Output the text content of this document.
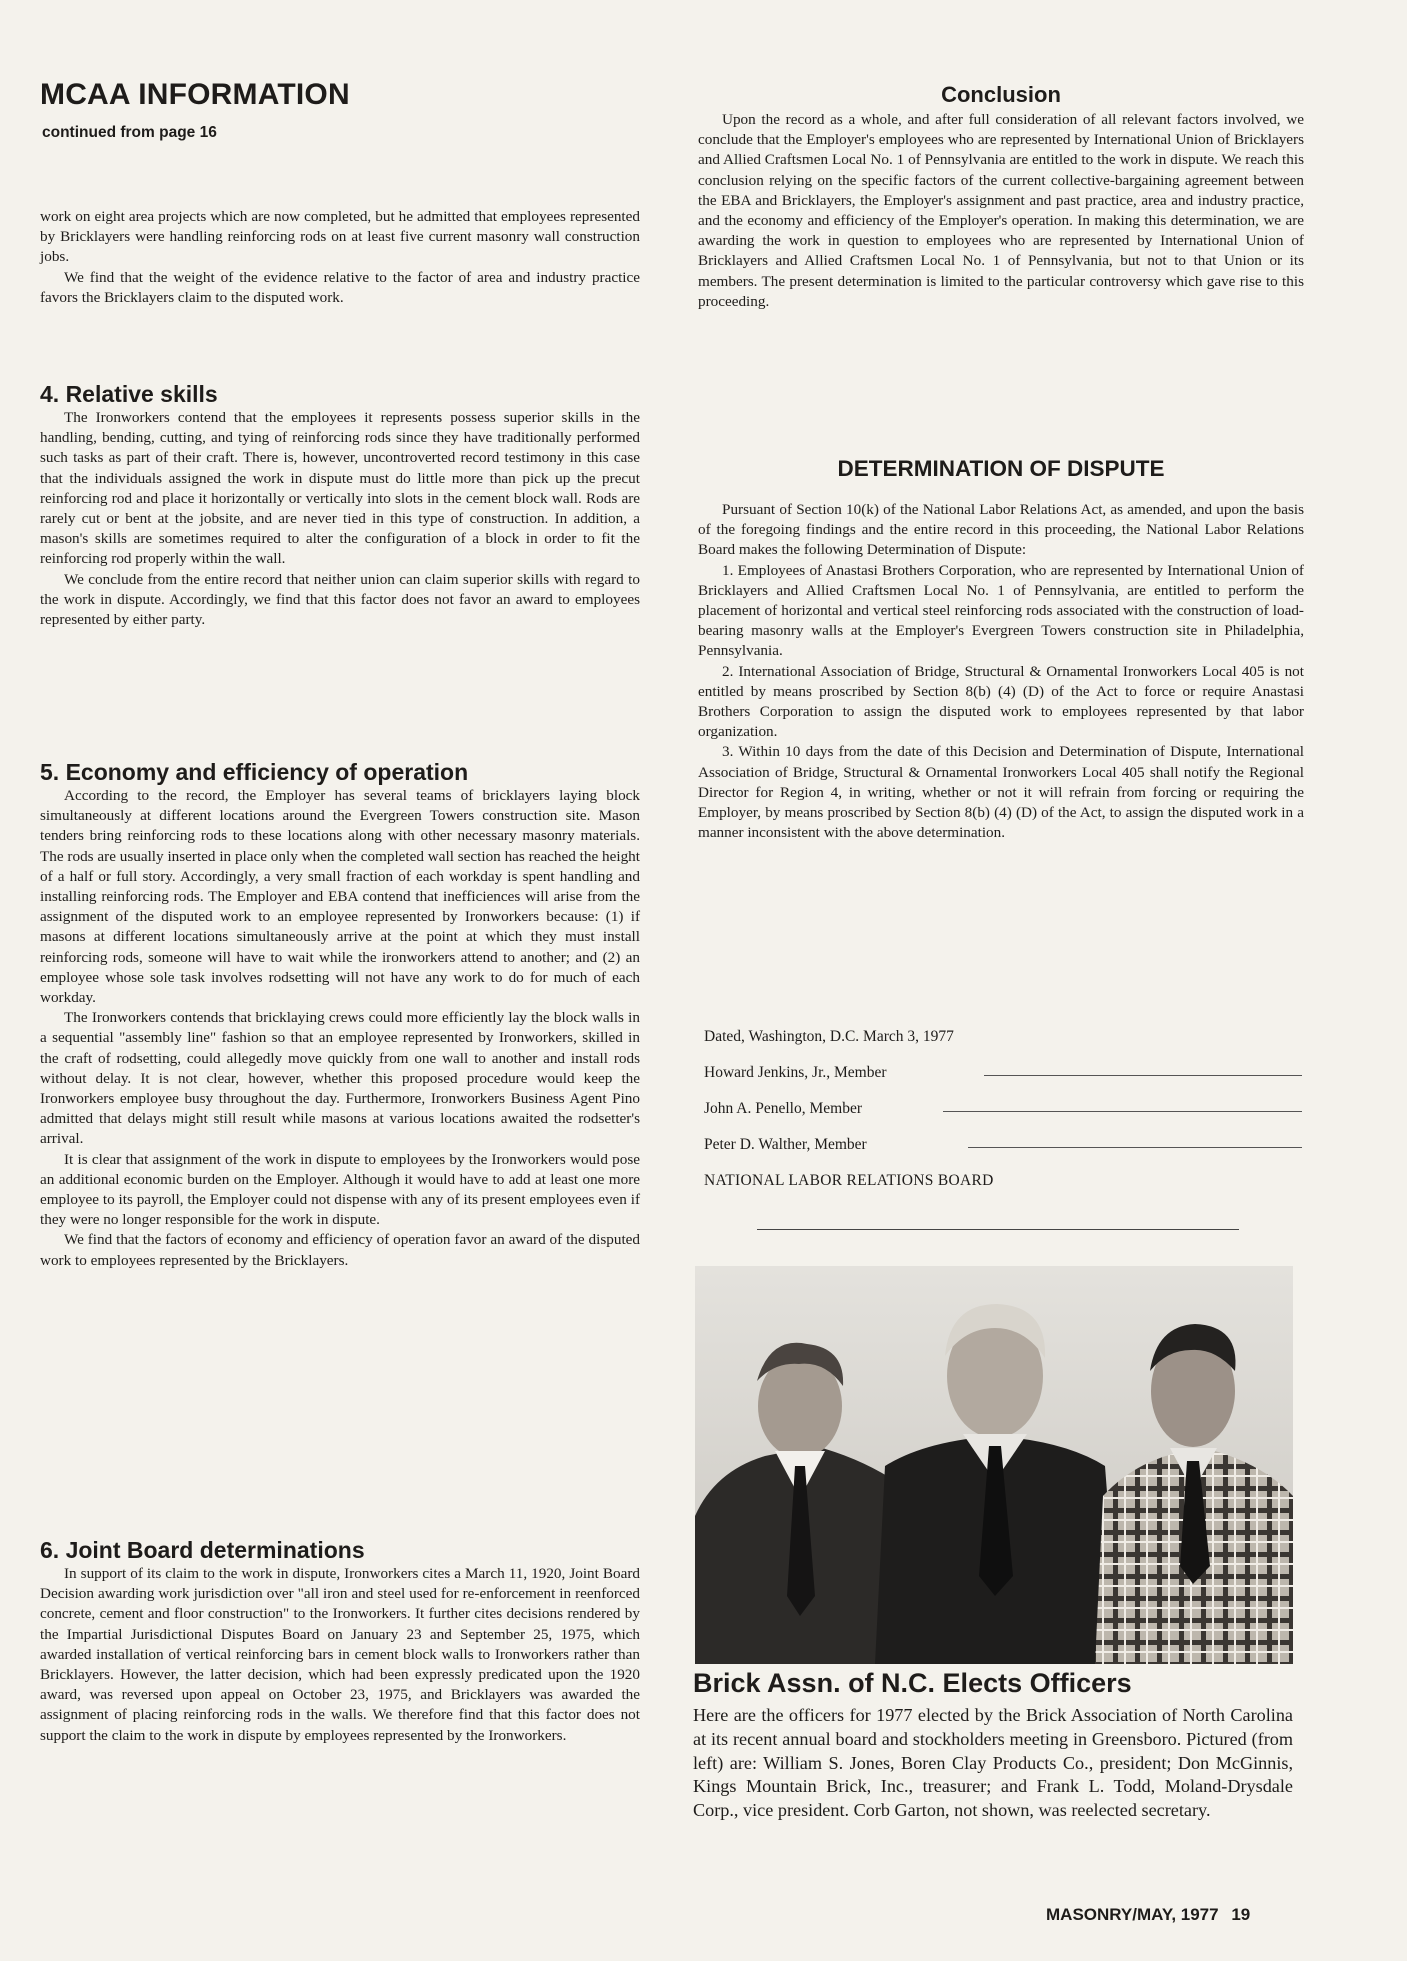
MCAA INFORMATION
continued from page 16

work on eight area projects which are now completed, but he admitted that employees represented by Bricklayers were handling reinforcing rods on at least five current masonry wall construction jobs.

We find that the weight of the evidence relative to the factor of area and industry practice favors the Bricklayers claim to the disputed work.

4. Relative skills

The Ironworkers contend that the employees it represents possess superior skills in the handling, bending, cutting, and tying of reinforcing rods since they have traditionally performed such tasks as part of their craft. There is, however, uncontroverted record testimony in this case that the individuals assigned the work in dispute must do little more than pick up the precut reinforcing rod and place it horizontally or vertically into slots in the cement block wall. Rods are rarely cut or bent at the jobsite, and are never tied in this type of construction. In addition, a mason's skills are sometimes required to alter the configuration of a block in order to fit the reinforcing rod properly within the wall.

We conclude from the entire record that neither union can claim superior skills with regard to the work in dispute. Accordingly, we find that this factor does not favor an award to employees represented by either party.

5. Economy and efficiency of operation

According to the record, the Employer has several teams of bricklayers laying block simultaneously at different locations around the Evergreen Towers construction site. Mason tenders bring reinforcing rods to these locations along with other necessary masonry materials. The rods are usually inserted in place only when the completed wall section has reached the height of a half or full story. Accordingly, a very small fraction of each workday is spent handling and installing reinforcing rods. The Employer and EBA contend that inefficiences will arise from the assignment of the disputed work to an employee represented by Ironworkers because: (1) if masons at different locations simultaneously arrive at the point at which they must install reinforcing rods, someone will have to wait while the ironworkers attend to another; and (2) an employee whose sole task involves rodsetting will not have any work to do for much of each workday.

The Ironworkers contends that bricklaying crews could more efficiently lay the block walls in a sequential "assembly line" fashion so that an employee represented by Ironworkers, skilled in the craft of rodsetting, could allegedly move quickly from one wall to another and install rods without delay. It is not clear, however, whether this proposed procedure would keep the Ironworkers employee busy throughout the day. Furthermore, Ironworkers Business Agent Pino admitted that delays might still result while masons at various locations awaited the rodsetter's arrival.

It is clear that assignment of the work in dispute to employees by the Ironworkers would pose an additional economic burden on the Employer. Although it would have to add at least one more employee to its payroll, the Employer could not dispense with any of its present employees even if they were no longer responsible for the work in dispute.

We find that the factors of economy and efficiency of operation favor an award of the disputed work to employees represented by the Bricklayers.

6. Joint Board determinations

In support of its claim to the work in dispute, Ironworkers cites a March 11, 1920, Joint Board Decision awarding work jurisdiction over "all iron and steel used for re-enforcement in reenforced concrete, cement and floor construction" to the Ironworkers. It further cites decisions rendered by the Impartial Jurisdictional Disputes Board on January 23 and September 25, 1975, which awarded installation of vertical reinforcing bars in cement block walls to Ironworkers rather than Bricklayers. However, the latter decision, which had been expressly predicated upon the 1920 award, was reversed upon appeal on October 23, 1975, and Bricklayers was awarded the assignment of placing reinforcing rods in the walls. We therefore find that this factor does not support the claim to the work in dispute by employees represented by the Ironworkers.

Conclusion

Upon the record as a whole, and after full consideration of all relevant factors involved, we conclude that the Employer's employees who are represented by International Union of Bricklayers and Allied Craftsmen Local No. 1 of Pennsylvania are entitled to the work in dispute. We reach this conclusion relying on the specific factors of the current collective-bargaining agreement between the EBA and Bricklayers, the Employer's assignment and past practice, area and industry practice, and the economy and efficiency of the Employer's operation. In making this determination, we are awarding the work in question to employees who are represented by International Union of Bricklayers and Allied Craftsmen Local No. 1 of Pennsylvania, but not to that Union or its members. The present determination is limited to the particular controversy which gave rise to this proceeding.

DETERMINATION OF DISPUTE

Pursuant of Section 10(k) of the National Labor Relations Act, as amended, and upon the basis of the foregoing findings and the entire record in this proceeding, the National Labor Relations Board makes the following Determination of Dispute:

1. Employees of Anastasi Brothers Corporation, who are represented by International Union of Bricklayers and Allied Craftsmen Local No. 1 of Pennsylvania, are entitled to perform the placement of horizontal and vertical steel reinforcing rods associated with the construction of load-bearing masonry walls at the Employer's Evergreen Towers construction site in Philadelphia, Pennsylvania.

2. International Association of Bridge, Structural & Ornamental Ironworkers Local 405 is not entitled by means proscribed by Section 8(b) (4) (D) of the Act to force or require Anastasi Brothers Corporation to assign the disputed work to employees represented by that labor organization.

3. Within 10 days from the date of this Decision and Determination of Dispute, International Association of Bridge, Structural & Ornamental Ironworkers Local 405 shall notify the Regional Director for Region 4, in writing, whether or not it will refrain from forcing or requiring the Employer, by means proscribed by Section 8(b) (4) (D) of the Act, to assign the disputed work in a manner inconsistent with the above determination.

Dated, Washington, D.C. March 3, 1977
Howard Jenkins, Jr., Member
John A. Penello, Member
Peter D. Walther, Member
NATIONAL LABOR RELATIONS BOARD
Brick Assn. of N.C. Elects Officers
Here are the officers for 1977 elected by the Brick Association of North Carolina at its recent annual board and stockholders meeting in Greensboro. Pictured (from left) are: William S. Jones, Boren Clay Products Co., president; Don McGinnis, Kings Mountain Brick, Inc., treasurer; and Frank L. Todd, Moland-Drysdale Corp., vice president. Corb Garton, not shown, was reelected secretary.
MASONRY/MAY, 1977 19
